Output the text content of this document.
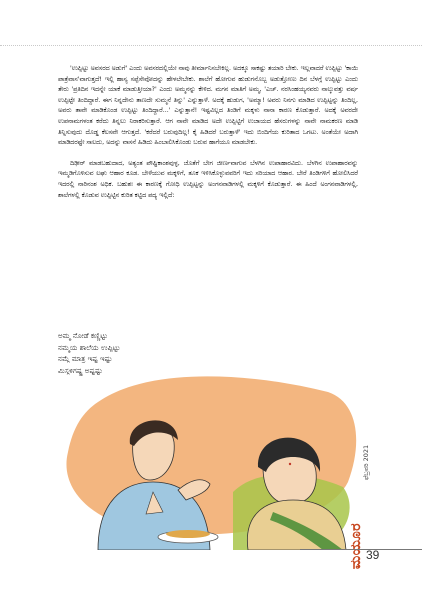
'ಉಪ್ಪಿಟ್ಟು ಅವಸರದ ಅಡುಗೆ' ಎಂದು ಅವಸರದಲ್ಲಿಯೇ ನಾವು ತೀರ್ಮಾನಿಸಬೇಕಿಲ್ಲ. ಅದಕ್ಕೂ ಸಾಕಷ್ಟು ತಯಾರಿ ಬೇಕು. ಇಲ್ಲವಾದರೆ ಉಪ್ಪಿಟ್ಟು 'ಕಾಯಿ ಪಾತ್ರೆವಾಸ'ವಾಗುತ್ತದೆ! ಇಲ್ಲಿ ಹಾಸ್ಯ ಸಪ್ಪೆಸೇವೋದನ್ನು ಹೇಳಲೇಬೇಕು. ಶಾಲೆಗೆ ಹೋಗುವ ಹುಡುಗನೊಬ್ಬ ಅಡುತ್ತೋಣು ದಿನ ಬೆಳಗ್ಗೆ ಉಪ್ಪಿಟ್ಟು ಎಂದು ತೇರು 'ಪ್ರತಿದಿನ ಇದನ್ನೇ ಯಾಕೆ ಮಾಡುತ್ತೀಯಾ?' ಎಂದು ಅಮ್ಮನನ್ನು ಕೇಳಿದ. ಮಗನ ಮಾತಿಗೆ ಅಮ್ಮ, 'ಎಚ್. ನರಸಿಂಹಯ್ಯನವರು ನಾಲ್ಕುವತ್ತು ವರ್ಷ ಉಪ್ಪಿಟ್ಟೇ ತಿಂದಿದ್ದಾರೆ. ಈಗ ನಿನ್ನದೇನು ತಾಣದೇ ಸುಮ್ಮನೆ ತಿನ್ನು' ಎನ್ನುತ್ತಾಳೆ. ಅದಕ್ಕೆ ಹುಡುಗ, 'ಅಮ್ಮಾ! ಅವರು ನಿನಗು ಮಾಡಿದ ಉಪ್ಪಿಟ್ಟನ್ನು ತಿಂದಿಲ್ಲ, ಅವರು ತಾವೇ ಮಾಡಿಕೊಂಡ ಉಪ್ಪಿಟ್ಟು ತಿಂದಿದ್ದಾರೆ...' ಎನ್ನುತ್ತಾನೆ! ಇಷ್ಟವಿಲ್ಲದ ತಿಂಡಿಗೆ ಮಕ್ಕಳು ನಾನಾ ಕಾರಣ ಕೊಡುತ್ತಾರೆ. ಅದಕ್ಕೆ ಅವರದೇ ಉಪನಾಮಗಳಂತ ಕರೆದು ತಿನ್ನಲು ನಿರಾಕರಿಸುತ್ತಾರೆ. ಆಗ ನಾವೇ ಮಾಡಿದ ಅದೇ ಉಪ್ಪಿಟ್ಟಿಗೆ ಉಜಾಯದ ಹೆಸರುಗಳನ್ನು ನಾವೇ ನಾಮಕರಣ ಮಾಡಿ ತಿನ್ನಿಸುವುದು ದೊಡ್ಡ ಕೆಲಸವೇ ಆಗುತ್ತದೆ. 'ಕರೆದರೆ ಬರುವುದಿಲ್ಲ! ಕೈ ಹಿಡಿದರೆ ಬರುತ್ತಾಳೆ' ಇದು ಬಿಂದಿಗೆಯ ಕುರಿತಾದ ಒಗಟು. ಅಂತೆಯೇ ಅದಾಗಿ ಮಾಡಿದರಷ್ಟೇ ಸಾಲದು, ಅದನ್ನು ವಾಸನೆ ಹಿಡಿದು ಹಿಂಬಾಲಿಸಿಕೊಂಡು ಬರುವ ಹಾಗೆಯೂ ಮಾಡಬೇಕು.

ದಿಢೀರ್ ಮಾಡಬಹುದಾದ, ಅತ್ಯಂತ ಪೌಷ್ಟಿಕಾಂಶವುಳ್ಳ, ಜೊತೆಗೆ ಬೇಗ ಜೀರ್ಣವಾಗುವ ಬೆಳಗಿನ ಉಪಾಹಾರವಿದು. ಬೆಳಗಿನ ಉಪಾಹಾರವನ್ನು ಇಮ್ಮಡಿಗೊಳಿಸುವ ಲಘು ಆಹಾರ ಕೂಡ. ಬೇಳೆಯುವ ಮಕ್ಕಳಿಗೆ, ತೂಕ ಇಳಿಸಿಕೊಳ್ಳುವವರಿಗೆ ಇದು ಸರಿಯಾದ ಆಹಾರ. ಬೇರೆ ತಿಂಡಿಗಳಿಗೆ ಹೋಲಿಸಿದರೆ ಇದರಲ್ಲಿ ನಾರಿನಂಶ ಅಧಿಕ. ಬಹುಶಃ ಈ ಕಾರಣಕ್ಕೆ ಗೋಧಿ ಉಪ್ಪಿಟ್ಟನ್ನು ಅಂಗನವಾಡಿಗಳಲ್ಲಿ ಮಕ್ಕಳಿಗೆ ಕೊಡುತ್ತಾರೆ. ಈ ಹಿಂದೆ ಅಂಗನವಾಡಿಗಳಲ್ಲಿ, ಶಾಲೆಗಳಲ್ಲಿ ಕೊಡುವ ಉಪ್ಪಿಟ್ಟಿನ ಕುರಿತ ಕಟ್ಟಿದ ಪದ್ಯ ಇಲ್ಲಿದೆ:

ಅಮ್ಮ ನೋಡೆ ಕಣ್ಣಿಟ್ಟು
ನಮ್ಮಯ ಶಾಲೆಯ ಉಪ್ಪಿಟ್ಟು
ನಮ್ಗೆ ಮಾತ್ರ ಇಷ್ಟ ಇಷ್ಟು
ಮಿಸ್ಗಳಿಗಷ್ಟ್ರ ಅಷ್ಟಷ್ಟು
ಫೆಬ್ರವರಿ 2021
ಮಯೂರ 39
